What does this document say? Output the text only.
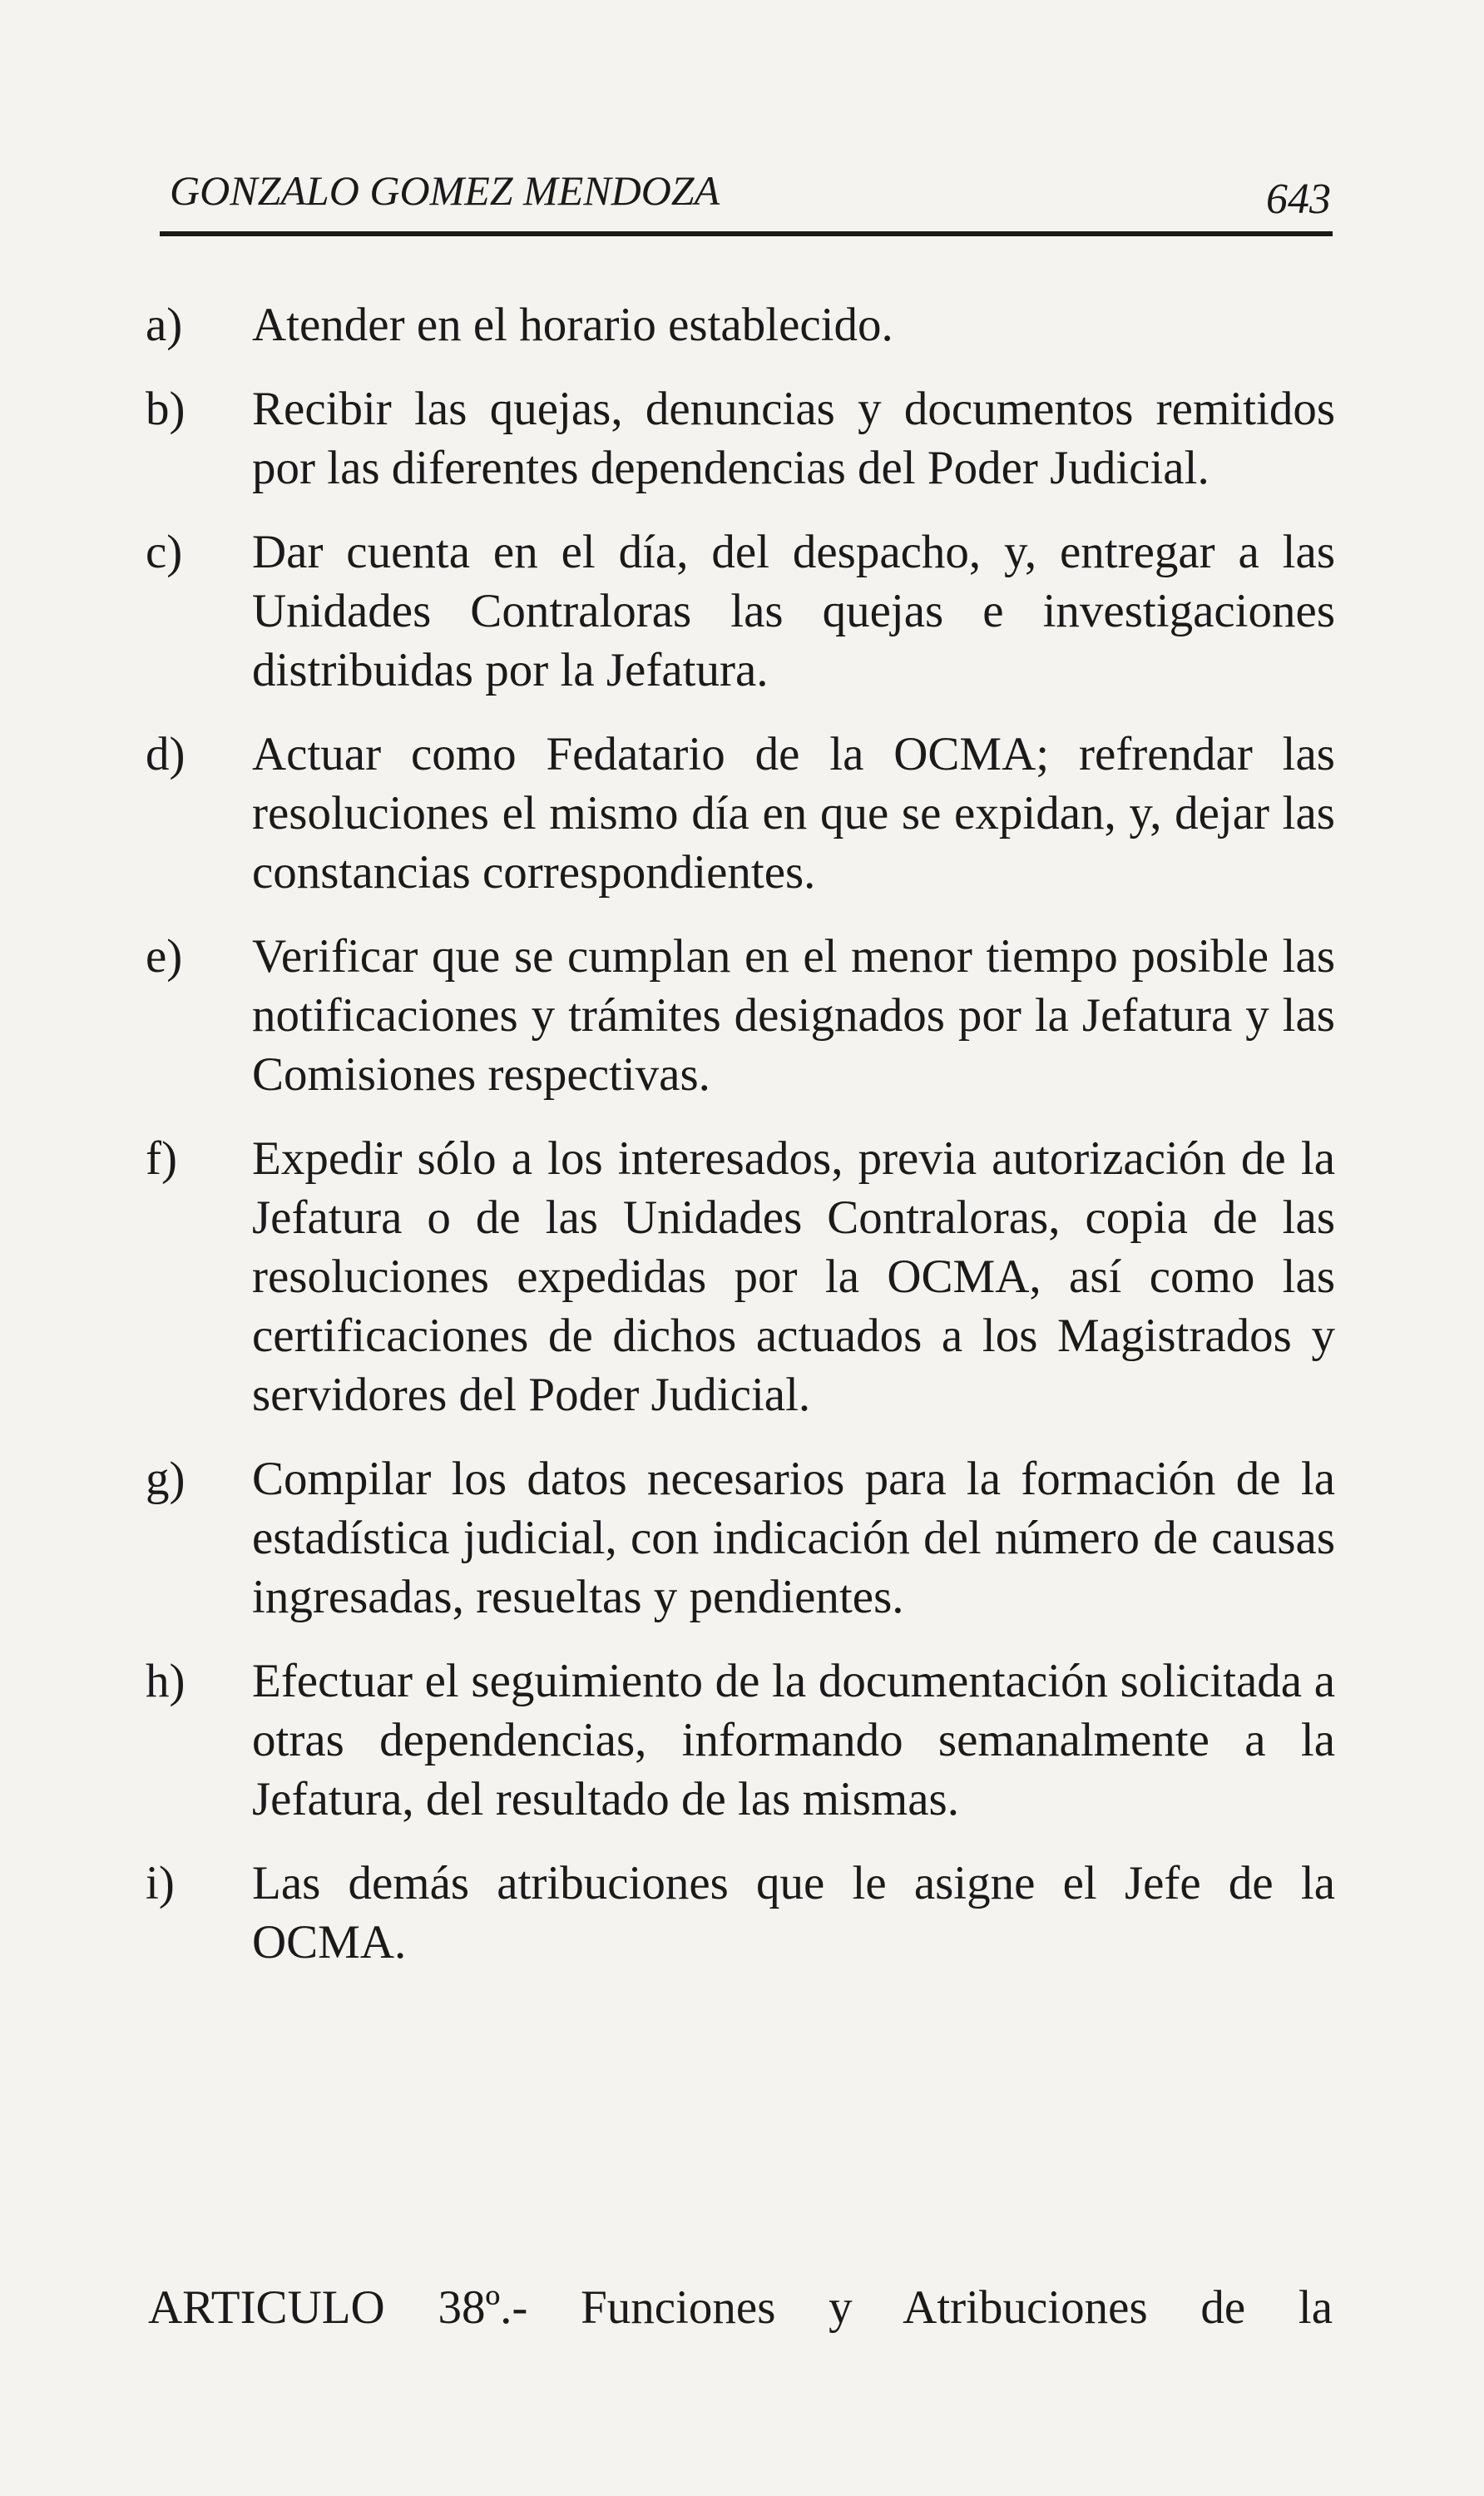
GONZALO GOMEZ MENDOZA	643
a)	Atender en el horario establecido.
b)	Recibir las quejas, denuncias y documentos remitidos por las diferentes dependencias del Poder Judicial.
c)	Dar cuenta en el día, del despacho, y, entregar a las Unidades Contraloras las quejas e investigaciones distribuidas por la Jefatura.
d)	Actuar como Fedatario de la OCMA; refrendar las resoluciones el mismo día en que se expidan, y, dejar las constancias correspondientes.
e)	Verificar que se cumplan en el menor tiempo posible las notificaciones y trámites designados por la Jefatura y las Comisiones respectivas.
f)	Expedir sólo a los interesados, previa autorización de la Jefatura o de las Unidades Contraloras, copia de las resoluciones expedidas por la OCMA, así como las certificaciones de dichos actuados a los Magistrados y servidores del Poder Judicial.
g)	Compilar los datos necesarios para la formación de la estadística judicial, con indicación del número de causas ingresadas, resueltas y pendientes.
h)	Efectuar el seguimiento de la documentación solicitada a otras dependencias, informando semanalmente a la Jefatura, del resultado de las mismas.
i)	Las demás atribuciones que le asigne el Jefe de la OCMA.
ARTICULO 38º.- Funciones y Atribuciones de la
